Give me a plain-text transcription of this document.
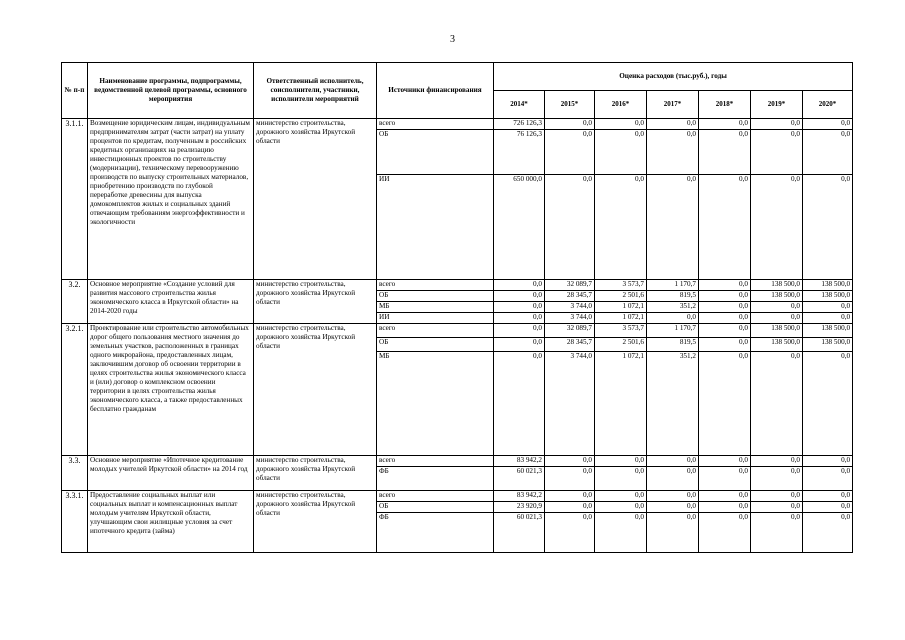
3
№ п-п	Наименование программы, подпрограммы, ведомственной целевой программы, основного мероприятия	Ответственный исполнитель, соисполнители, участники, исполнители мероприятий	Источники финансирования	Оценка расходов (тыс.руб.), годы						
				2014*	2015*	2016*	2017*	2018*	2019*	2020*
3.1.1.	Возмещение юридическим лицам, индивидуальным предпринимателям затрат (части затрат) на уплату процентов по кредитам, полученным в российских кредитных организациях на реализацию инвестиционных проектов по строительству (модернизации), техническому перевооружению производств по выпуску строительных материалов, приобретению производств по глубокой переработке древесины для выпуска домокомплектов жилых и социальных зданий отвечающим требованиям энергоэффективности и экологичности	министерство строительства, дорожного хозяйства Иркутской области	всего	726 126,3	0,0	0,0	0,0	0,0	0,0	0,0
			ОБ	76 126,3	0,0	0,0	0,0	0,0	0,0	0,0
			ИИ	650 000,0	0,0	0,0	0,0	0,0	0,0	0,0
3.2.	Основное мероприятие «Создание условий для развития массового строительства жилья экономического класса в Иркутской области» на 2014-2020 годы	министерство строительства, дорожного хозяйства Иркутской области	всего	0,0	32 089,7	3 573,7	1 170,7	0,0	138 500,0	138 500,0
			ОБ	0,0	28 345,7	2 501,6	819,5	0,0	138 500,0	138 500,0
			МБ	0,0	3 744,0	1 072,1	351,2	0,0	0,0	0,0
			ИИ	0,0	3 744,0	1 072,1	0,0	0,0	0,0	0,0
3.2.1.	Проектирование или строительство автомобильных дорог общего пользования местного значения до земельных участков, расположенных в границах одного микрорайона, предоставленных лицам, заключившим договор об освоении территории в целях строительства жилья экономического класса и (или) договор о комплексном освоении территории в целях строительства жилья экономического класса, а также предоставленных бесплатно гражданам	министерство строительства, дорожного хозяйства Иркутской области	всего	0,0	32 089,7	3 573,7	1 170,7	0,0	138 500,0	138 500,0
			ОБ	0,0	28 345,7	2 501,6	819,5	0,0	138 500,0	138 500,0
			МБ	0,0	3 744,0	1 072,1	351,2	0,0	0,0	0,0
3.3.	Основное мероприятие «Ипотечное кредитование молодых учителей Иркутской области» на 2014 год	министерство строительства, дорожного хозяйства Иркутской области	всего	83 942,2	0,0	0,0	0,0	0,0	0,0	0,0
			ФБ	60 021,3	0,0	0,0	0,0	0,0	0,0	0,0
3.3.1.	Предоставление социальных выплат или социальных выплат и компенсационных выплат молодым учителям Иркутской области, улучшающим свои жилищные условия за счет ипотечного кредита (займа)	министерство строительства, дорожного хозяйства Иркутской области	всего	83 942,2	0,0	0,0	0,0	0,0	0,0	0,0
			ОБ	23 920,9	0,0	0,0	0,0	0,0	0,0	0,0
			ФБ	60 021,3	0,0	0,0	0,0	0,0	0,0	0,0
